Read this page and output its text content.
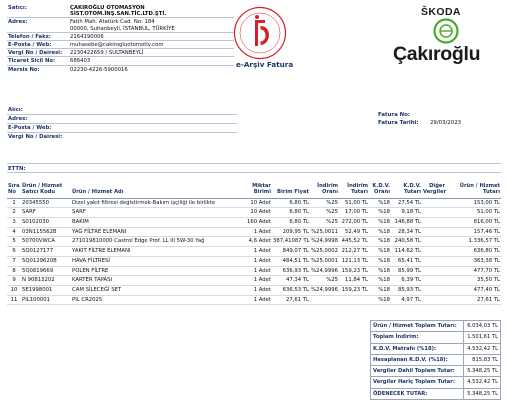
Satıcı:	ÇAKIROĞLU OTOMASYON
	SİST.OTOM.İNŞ.SAN.TİC.LTD.ŞTİ.
Adres:	Fatih Mah. Atatürk Cad. No: 184
	00000, Sultanbeyli, İSTANBUL, TÜRKİYE
Telefon / Faks:	2164190006
E-Posta / Web:	muhasebe@cakirogluotomotiv.com
Vergi No / Dairesi:	2230422659 / SULTANBEYLİ
Ticaret Sicil No:	686403
Mersis No:	02230-4226-5900016
e-Arşiv Fatura
ŠKODA
Çakıroğlu
Alıcı:
Adres:

E-Posta / Web:
Vergi No / Dairesi:
Fatura No:	
Fatura Tarihi:	29/03/2023
ETTN:
Sıra No	Ürün / Hizmet Satıcı Kodu	Ürün / Hizmet Adı	Miktar Birimi	Birim Fiyat	İndirim Oranı	İndirim Tutarı	K.D.V. Oranı	K.D.V. Tutarı	Diğer Vergiler	Ürün / Hizmet Tutarı
1	20345550	Dizel yakıt filtresi degistirmek-Bakım işçiliği ile birlikte	10 Adet	6,80 TL	%25	51,00 TL	%18	27,54 TL		153,00 TL
2	SARF	SARF	10 Adet	6,80 TL	%25	17,00 TL	%18	9,18 TL		51,00 TL
3	S0102030	BAKIM	160 Adet	6,80 TL	%25	272,00 TL	%18	146,88 TL		816,00 TL
4	03N115562B	YAĞ FİLTRE ELEMANI	1 Adet	209,95 TL	%25,0011	52,49 TL	%18	28,34 TL		157,46 TL
5	50700VWCA	271019810000 Castrol Edge Prof. LL III 5W-30 Yağ	4,6 Adet	387,41087 TL	%24,9998	445,52 TL	%18	240,58 TL		1.336,57 TL
6	5Q0127177	YAKIT FİLTRE ELEMANI	1 Adet	849,07 TL	%25,0002	212,27 TL	%18	114,62 TL		636,80 TL
7	5Q0129620B	HAVA FİLTRESİ	1 Adet	484,51 TL	%25,0001	121,13 TL	%18	65,41 TL		363,38 TL
8	5Q0819669	POLEN FİLTRE	1 Adet	636,93 TL	%24,9996	159,23 TL	%18	85,99 TL		477,70 TL
9	N 90813202	KARTER TAPASI	1 Adet	47,34 TL	%25	11,84 TL	%18	6,39 TL		35,50 TL
10	5E1998001	CAM SİLECEĞİ SET	1 Adet	636,53 TL	%24,9996	159,23 TL	%18	85,93 TL		477,40 TL
11	PIL100001	PIL CR2025	1 Adet	27,61 TL			%18	4,97 TL		27,61 TL
Ürün / Hizmet Toplam Tutarı:	6.034,03 TL
Toplam İndirim:	1.501,61 TL
K.D.V. Matrahı (%18):	4.532,42 TL
Hesaplanan K.D.V. (%18):	815,83 TL
Vergiler Dahil Toplam Tutar:	5.348,25 TL
Vergiler Hariç Toplam Tutar:	4.532,42 TL
ÖDENECEK TUTAR:	5.348,25 TL
